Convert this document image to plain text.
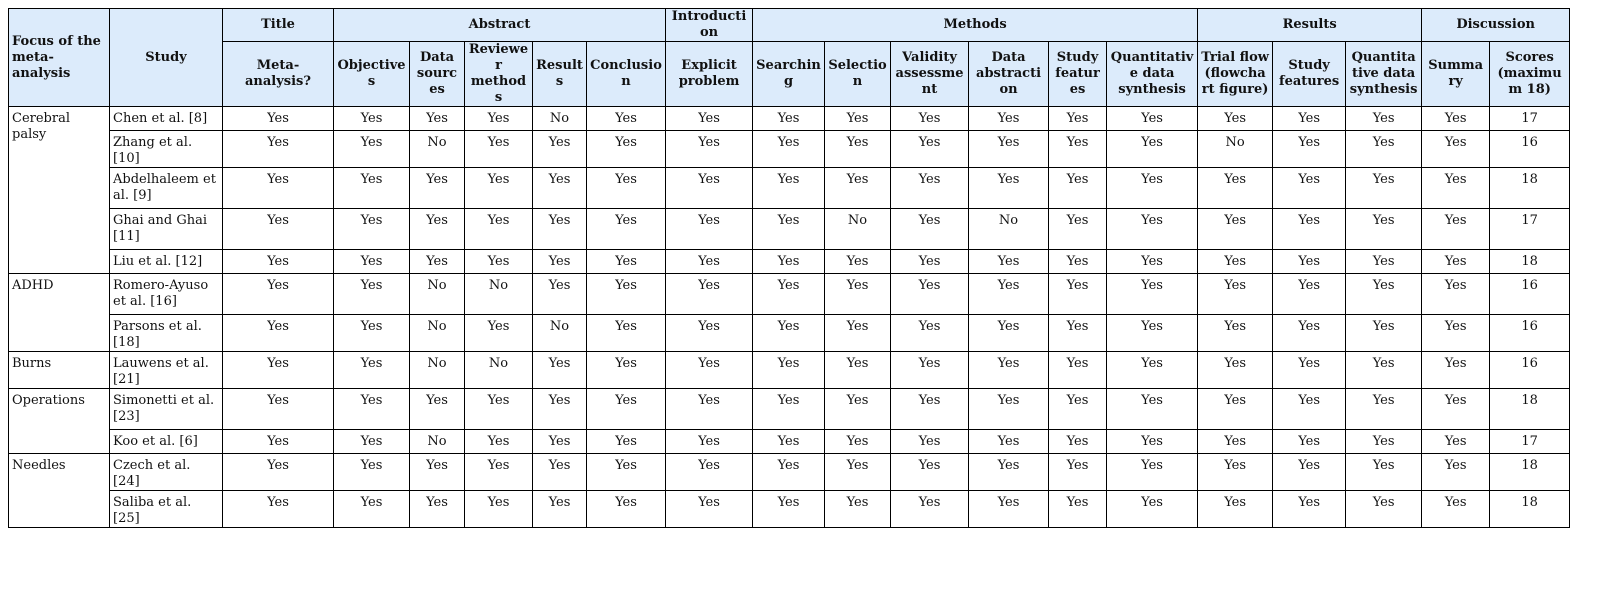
Focus of the meta-analysis	Study	Title	Abstract					Introduction	Methods						Results			Discussion	
		Meta-analysis?	Objectives	Data sources	Reviewer methods	Results	Conclusion	Explicit problem	Searching	Selection	Validity assessment	Data abstraction	Study features	Quantitative data synthesis	Trial flow (flowchart figure)	Study features	Quantitative data synthesis	Summary	Scores (maximum 18)
Cerebral palsy	Chen et al. [8]	Yes	Yes	Yes	Yes	No	Yes	Yes	Yes	Yes	Yes	Yes	Yes	Yes	Yes	Yes	Yes	Yes	17
	Zhang et al. [10]	Yes	Yes	No	Yes	Yes	Yes	Yes	Yes	Yes	Yes	Yes	Yes	Yes	No	Yes	Yes	Yes	16
	Abdelhaleem et al. [9]	Yes	Yes	Yes	Yes	Yes	Yes	Yes	Yes	Yes	Yes	Yes	Yes	Yes	Yes	Yes	Yes	Yes	18
	Ghai and Ghai [11]	Yes	Yes	Yes	Yes	Yes	Yes	Yes	Yes	No	Yes	No	Yes	Yes	Yes	Yes	Yes	Yes	17
	Liu et al. [12]	Yes	Yes	Yes	Yes	Yes	Yes	Yes	Yes	Yes	Yes	Yes	Yes	Yes	Yes	Yes	Yes	Yes	18
ADHD	Romero-Ayuso et al. [16]	Yes	Yes	No	No	Yes	Yes	Yes	Yes	Yes	Yes	Yes	Yes	Yes	Yes	Yes	Yes	Yes	16
	Parsons et al. [18]	Yes	Yes	No	Yes	No	Yes	Yes	Yes	Yes	Yes	Yes	Yes	Yes	Yes	Yes	Yes	Yes	16
Burns	Lauwens et al. [21]	Yes	Yes	No	No	Yes	Yes	Yes	Yes	Yes	Yes	Yes	Yes	Yes	Yes	Yes	Yes	Yes	16
Operations	Simonetti et al. [23]	Yes	Yes	Yes	Yes	Yes	Yes	Yes	Yes	Yes	Yes	Yes	Yes	Yes	Yes	Yes	Yes	Yes	18
	Koo et al. [6]	Yes	Yes	No	Yes	Yes	Yes	Yes	Yes	Yes	Yes	Yes	Yes	Yes	Yes	Yes	Yes	Yes	17
Needles	Czech et al. [24]	Yes	Yes	Yes	Yes	Yes	Yes	Yes	Yes	Yes	Yes	Yes	Yes	Yes	Yes	Yes	Yes	Yes	18
	Saliba et al. [25]	Yes	Yes	Yes	Yes	Yes	Yes	Yes	Yes	Yes	Yes	Yes	Yes	Yes	Yes	Yes	Yes	Yes	18
